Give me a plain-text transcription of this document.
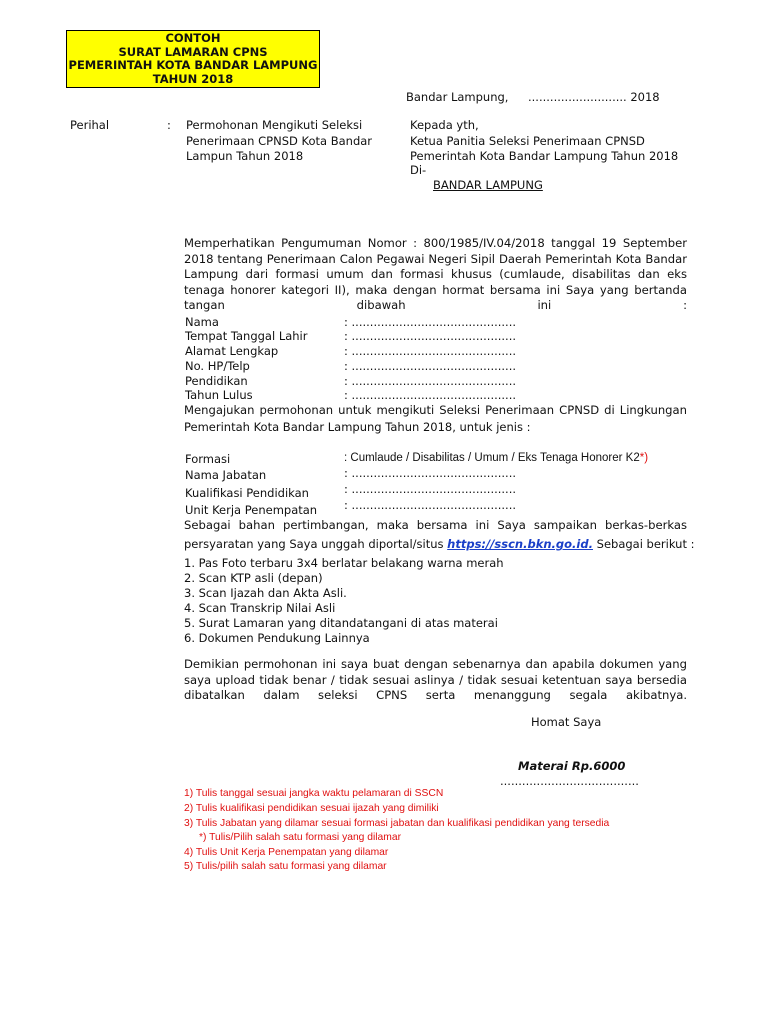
CONTOH
SURAT LAMARAN CPNS
PEMERINTAH KOTA BANDAR LAMPUNG
TAHUN 2018
Bandar Lampung, ........................... 2018
Perihal	: Permohonan Mengikuti Seleksi
Penerimaan CPNSD Kota Bandar
Lampun Tahun 2018
Kepada yth,
Ketua Panitia Seleksi Penerimaan CPNSD
Pemerintah Kota Bandar Lampung Tahun 2018
Di-
BANDAR LAMPUNG
Memperhatikan Pengumuman Nomor : 800/1985/IV.04/2018 tanggal 19 September 2018 tentang Penerimaan Calon Pegawai Negeri Sipil Daerah Pemerintah Kota Bandar Lampung dari formasi umum dan formasi khusus (cumlaude, disabilitas dan eks tenaga honorer kategori II), maka dengan hormat bersama ini Saya yang bertanda tangan dibawah ini :
Nama	: .............................................
Tempat Tanggal Lahir	: .............................................
Alamat Lengkap	: .............................................
No. HP/Telp	: .............................................
Pendidikan	: .............................................
Tahun Lulus	: .............................................
Mengajukan permohonan untuk mengikuti Seleksi Penerimaan CPNSD di Lingkungan
Pemerintah Kota Bandar Lampung Tahun 2018, untuk jenis :
Formasi	: Cumlaude / Disabilitas / Umum / Eks Tenaga Honorer K2*)
Nama Jabatan	: .............................................
Kualifikasi Pendidikan	: .............................................
Unit Kerja Penempatan : .............................................
Sebagai bahan pertimbangan, maka bersama ini Saya sampaikan berkas-berkas
persyaratan yang Saya unggah diportal/situs https://sscn.bkn.go.id. Sebagai berikut :
1. Pas Foto terbaru 3x4 berlatar belakang warna merah
2. Scan KTP asli (depan)
3. Scan Ijazah dan Akta Asli.
4. Scan Transkrip Nilai Asli
5. Surat Lamaran yang ditandatangani di atas materai
6. Dokumen Pendukung Lainnya
Demikian permohonan ini saya buat dengan sebenarnya dan apabila dokumen yang saya upload tidak benar / tidak sesuai aslinya / tidak sesuai ketentuan saya bersedia dibatalkan dalam seleksi CPNS serta menanggung segala akibatnya.
Homat Saya
Materai Rp.6000
......................................
1) Tulis tanggal sesuai jangka waktu pelamaran di SSCN
2) Tulis kualifikasi pendidikan sesuai ijazah yang dimiliki
3) Tulis Jabatan yang dilamar sesuai formasi jabatan dan kualifikasi pendidikan yang tersedia
*) Tulis/Pilih salah satu formasi yang dilamar
4) Tulis Unit Kerja Penempatan yang dilamar
5) Tulis/pilih salah satu formasi yang dilamar
